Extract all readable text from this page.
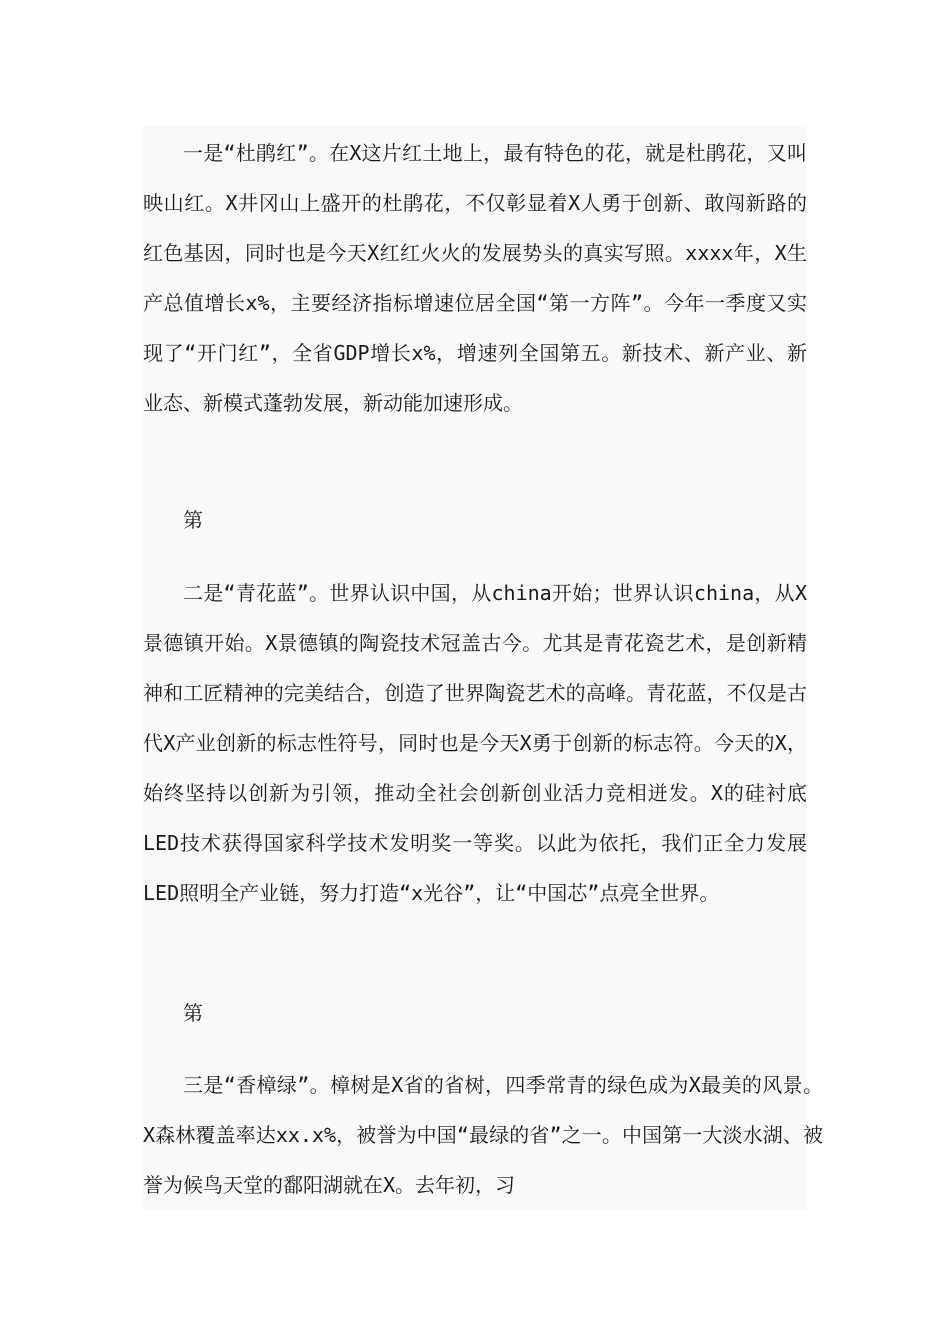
一是“杜鹃红”。在X这片红土地上，最有特色的花，就是杜鹃花，又叫映山红。X井冈山上盛开的杜鹃花，不仅彰显着X人勇于创新、敢闯新路的红色基因，同时也是今天X红红火火的发展势头的真实写照。xxxx年，X生产总值增长x%，主要经济指标增速位居全国“第一方阵”。今年一季度又实现了“开门红”，全省GDP增长x%，增速列全国第五。新技术、新产业、新业态、新模式蓬勃发展，新动能加速形成。

第

二是“青花蓝”。世界认识中国，从china开始；世界认识china，从X景德镇开始。X景德镇的陶瓷技术冠盖古今。尤其是青花瓷艺术，是创新精神和工匠精神的完美结合，创造了世界陶瓷艺术的高峰。青花蓝，不仅是古代X产业创新的标志性符号，同时也是今天X勇于创新的标志符。今天的X，始终坚持以创新为引领，推动全社会创新创业活力竞相迸发。X的硅衬底LED技术获得国家科学技术发明奖一等奖。以此为依托，我们正全力发展LED照明全产业链，努力打造“x光谷”，让“中国芯”点亮全世界。

第

三是“香樟绿”。樟树是X省的省树，四季常青的绿色成为X最美的风景。X森林覆盖率达xx.x%，被誉为中国“最绿的省”之一。中国第一大淡水湖、被誉为候鸟天堂的鄱阳湖就在X。去年初，习
